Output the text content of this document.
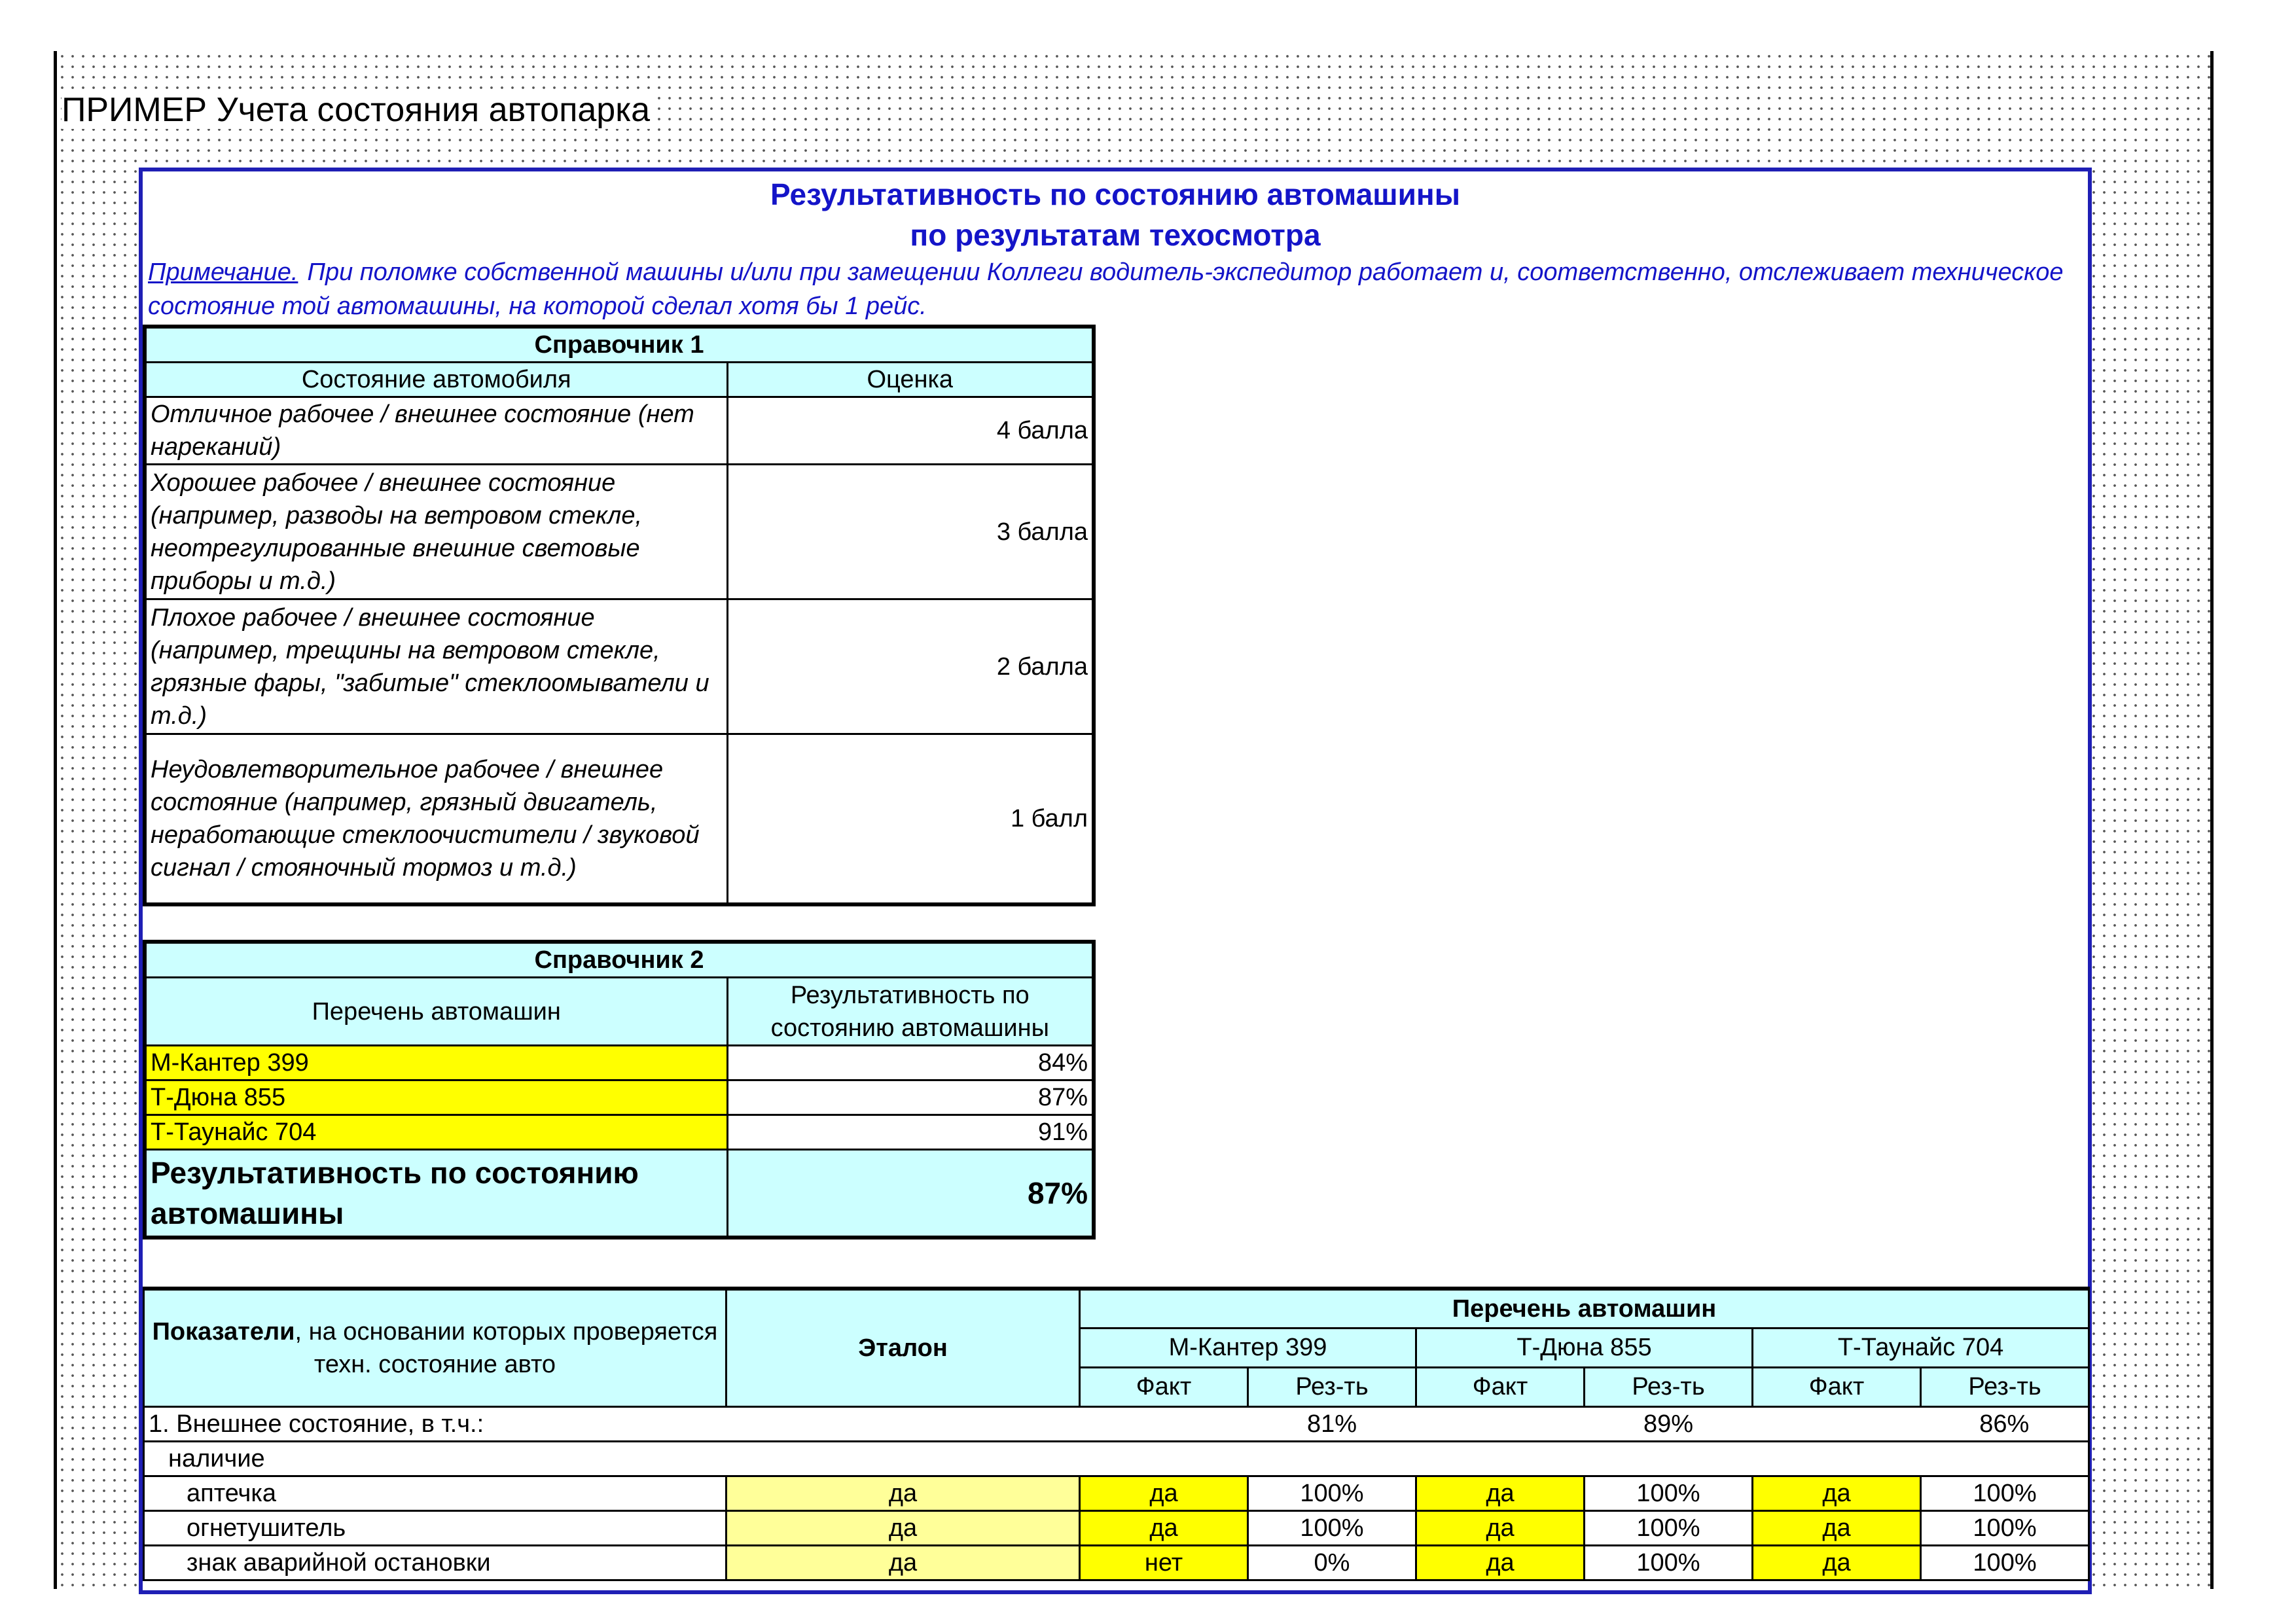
ПРИМЕР Учета состояния автопарка
Результативность по состоянию автомашины
по результатам техосмотра
Примечание. При поломке собственной машины и/или при замещении Коллеги водитель-экспедитор работает и, соответственно, отслеживает техническое состояние той автомашины, на которой сделал хотя бы 1 рейс.
Справочник 1	
Состояние автомобиля	Оценка
Отличное рабочее / внешнее состояние (нет нареканий)	4 балла
Хорошее рабочее / внешнее состояние (например, разводы на ветровом стекле, неотрегулированные внешние световые приборы и т.д.)	3 балла
Плохое рабочее / внешнее состояние (например, трещины на ветровом стекле, грязные фары, "забитые" стеклоомыватели и т.д.)	2 балла
Неудовлетворительное рабочее / внешнее состояние (например, грязный двигатель, неработающие стеклоочистители / звуковой сигнал / стояночный тормоз и т.д.)	1 балл
Справочник 2	
Перечень автомашин	Результативность по состоянию автомашины
М-Кантер 399	84%
Т-Дюна 855	87%
Т-Таунайс 704	91%
Результативность по состоянию автомашины	87%
Показатели, на основании которых проверяется техн. состояние авто	Эталон	Перечень автомашин					
		М-Кантер 399		Т-Дюна 855		Т-Таунайс 704	
		Факт	Рез-ть	Факт	Рез-ть	Факт	Рез-ть
1. Внешнее состояние, в т.ч.:			81%		89%		86%
наличие							
аптечка	да	да	100%	да	100%	да	100%
огнетушитель	да	да	100%	да	100%	да	100%
знак аварийной остановки	да	нет	0%	да	100%	да	100%
